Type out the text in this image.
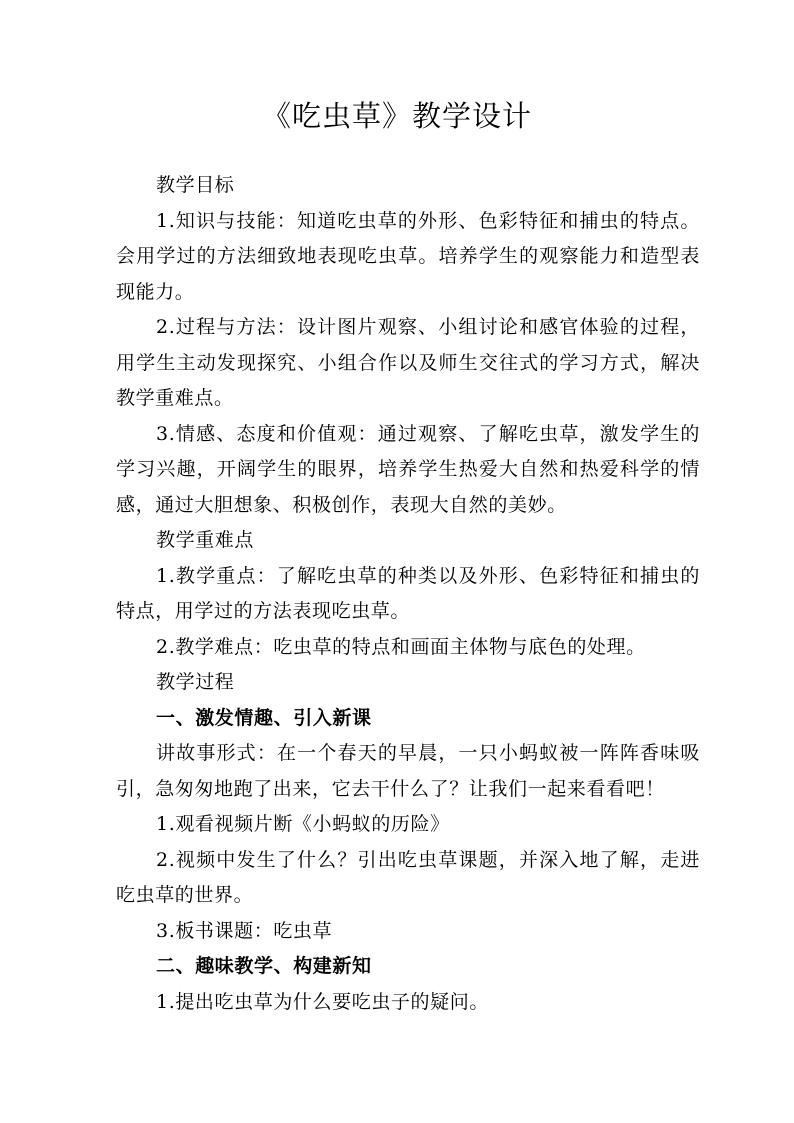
《吃虫草》教学设计

教学目标

1.知识与技能：知道吃虫草的外形、色彩特征和捕虫的特点。会用学过的方法细致地表现吃虫草。培养学生的观察能力和造型表现能力。

2.过程与方法：设计图片观察、小组讨论和感官体验的过程，用学生主动发现探究、小组合作以及师生交往式的学习方式，解决教学重难点。

3.情感、态度和价值观：通过观察、了解吃虫草，激发学生的学习兴趣，开阔学生的眼界，培养学生热爱大自然和热爱科学的情感，通过大胆想象、积极创作，表现大自然的美妙。

教学重难点

1.教学重点：了解吃虫草的种类以及外形、色彩特征和捕虫的特点，用学过的方法表现吃虫草。

2.教学难点：吃虫草的特点和画面主体物与底色的处理。

教学过程

一、激发情趣、引入新课

讲故事形式：在一个春天的早晨，一只小蚂蚁被一阵阵香味吸引，急匆匆地跑了出来，它去干什么了？让我们一起来看看吧！

1.观看视频片断《小蚂蚁的历险》

2.视频中发生了什么？引出吃虫草课题，并深入地了解，走进吃虫草的世界。

3.板书课题：吃虫草

二、趣味教学、构建新知

1.提出吃虫草为什么要吃虫子的疑问。
